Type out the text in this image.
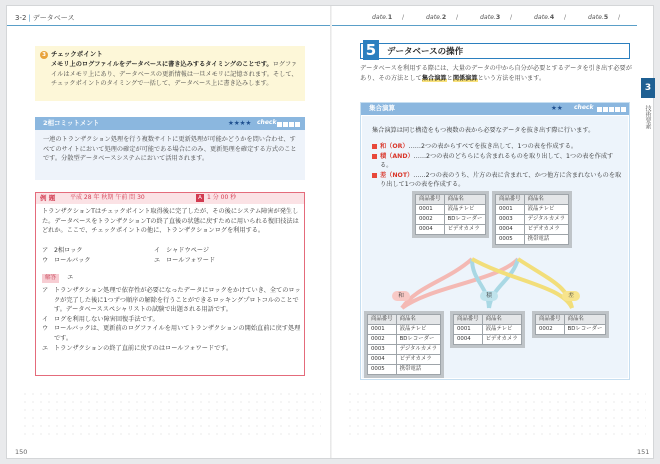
3-2 | データベース
3 チェックポイント
メモリ上のログファイルをデータベースに書き込みするタイミングのことです。ログファイルはメモリ上にあり、データベースの更新情報は一旦メモリに記憶されます。そして、チェックポイントのタイミングで一括して、データベース上に書き込みします。
2相コミットメント	★★★★ check
一連のトランザクション処理を行う複数サイトに更新処理が可能かどうかを問い合わせ、すべてのサイトにおいて処理の確定が可能である場合にのみ、更新処理を確定する方式のことです。分散型データベースシステムにおいて活用されます。
例 題 平成 28 年 秋期 午前 問 30	A 1 分 00 秒
トランザクションTはチェックポイント取得後に完了したが、その後にシステム障害が発生した。データベースをトランザクションTの終了直後の状態に戻すために用いられる復旧技法はどれか。ここで、チェックポイントの他に、トランザクションログを利用する。
ア 2相ロック	イ シャドウページ
ウ ロールバック	エ ロールフォワード
解答 エ
ア トランザクション処理で依存性が必要になったデータにロックをかけていき、全てのロックが完了した後に1つずつ順序の解除を行うことができるロッキングプロトコルのことです。データベーススペシャリストの試験で出題される用語です。
イ ログを利用しない障害回復手法です。
ウ ロールバックは、更新前のログファイルを用いてトランザクションの開始直前に戻す処理です。
エ トランザクションの終了直前に戻すのはロールフォワードです。
150
date.1 /	date.2 /	date.3 /	date.4 /	date.5 /
3
技術要素
5	データベースの操作
データベースを利用する際には、大量のデータの中から自分が必要とするデータを引き出す必要があり、その方法として集合演算と関係演算という方法を用います。
集合演算	★★ check
集合演算は同じ構造をもつ複数の表から必要なデータを抜き出す際に行います。
和（OR）……2つの表からすべてを抜き出して、1つの表を作成する。
積（AND）……2つの表のどちらにも含まれるものを取り出して、1つの表を作成する。
差（NOT）……2つの表のうち、片方の表に含まれて、かつ他方に含まれないものを取り出して1つの表を作成する。
商品番号	商品名
0001	液晶テレビ
0002	BDレコーダー
0004	ビデオカメラ
商品番号	商品名
0001	液晶テレビ
0003	デジタルカメラ
0004	ビデオカメラ
0005	携帯電話
和	積	差
商品番号	商品名
0001	液晶テレビ
0002	BDレコーダー
0003	デジタルカメラ
0004	ビデオカメラ
0005	携帯電話
商品番号	商品名
0001	液晶テレビ
0004	ビデオカメラ
商品番号	商品名
0002	BDレコーダー
151
